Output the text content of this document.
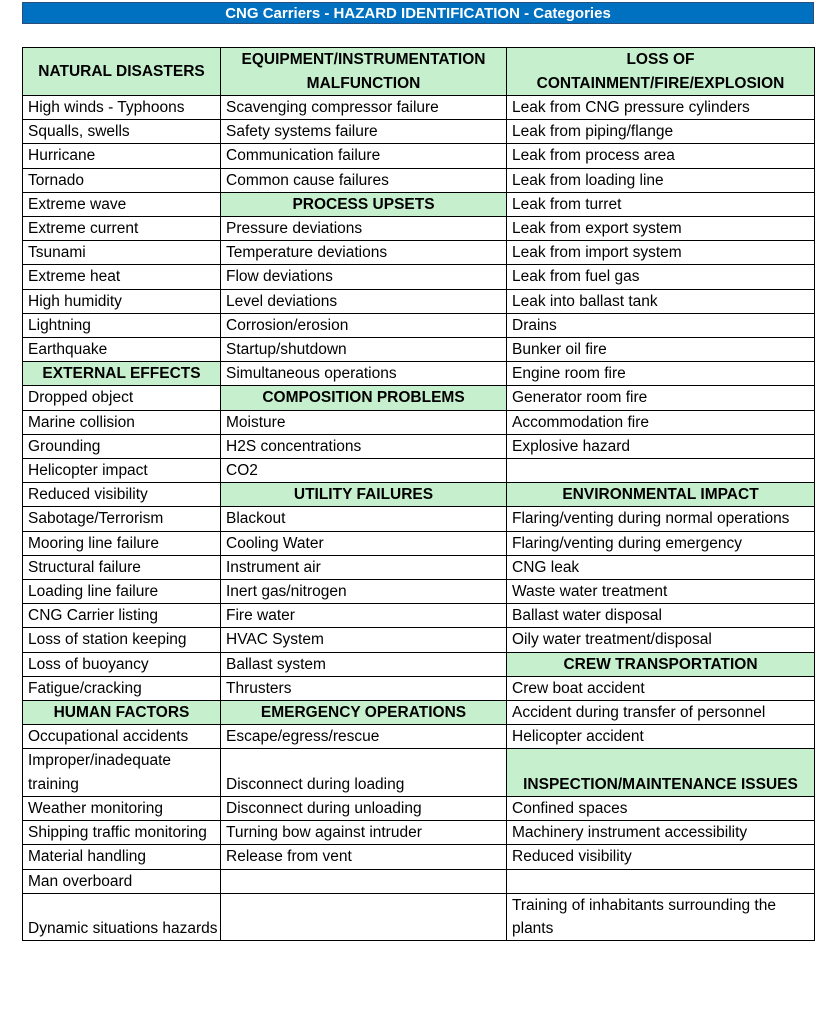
CNG Carriers - HAZARD IDENTIFICATION - Categories
NATURAL DISASTERS	EQUIPMENT/INSTRUMENTATION MALFUNCTION	LOSS OF CONTAINMENT/FIRE/EXPLOSION
High winds - Typhoons	Scavenging compressor failure	Leak from CNG pressure cylinders
Squalls, swells	Safety systems failure	Leak from piping/flange
Hurricane	Communication failure	Leak from process area
Tornado	Common cause failures	Leak from loading line
Extreme wave	PROCESS UPSETS	Leak from turret
Extreme current	Pressure deviations	Leak from export system
Tsunami	Temperature deviations	Leak from import system
Extreme heat	Flow deviations	Leak from fuel gas
High humidity	Level deviations	Leak into ballast tank
Lightning	Corrosion/erosion	Drains
Earthquake	Startup/shutdown	Bunker oil fire
EXTERNAL EFFECTS	Simultaneous operations	Engine room fire
Dropped object	COMPOSITION PROBLEMS	Generator room fire
Marine collision	Moisture	Accommodation fire
Grounding	H2S concentrations	Explosive hazard
Helicopter impact	CO2	
Reduced visibility	UTILITY FAILURES	ENVIRONMENTAL IMPACT
Sabotage/Terrorism	Blackout	Flaring/venting during normal operations
Mooring line failure	Cooling Water	Flaring/venting during emergency
Structural failure	Instrument air	CNG leak
Loading line failure	Inert gas/nitrogen	Waste water treatment
CNG Carrier listing	Fire water	Ballast water disposal
Loss of station keeping	HVAC System	Oily water treatment/disposal
Loss of buoyancy	Ballast system	CREW TRANSPORTATION
Fatigue/cracking	Thrusters	Crew boat accident
HUMAN FACTORS	EMERGENCY OPERATIONS	Accident during transfer of personnel
Occupational accidents	Escape/egress/rescue	Helicopter accident
Improper/inadequate training	Disconnect during loading	INSPECTION/MAINTENANCE ISSUES
Weather monitoring	Disconnect during unloading	Confined spaces
Shipping traffic monitoring	Turning bow against intruder	Machinery instrument accessibility
Material handling	Release from vent	Reduced visibility
Man overboard		
Dynamic situations hazards		Training of inhabitants surrounding the plants
